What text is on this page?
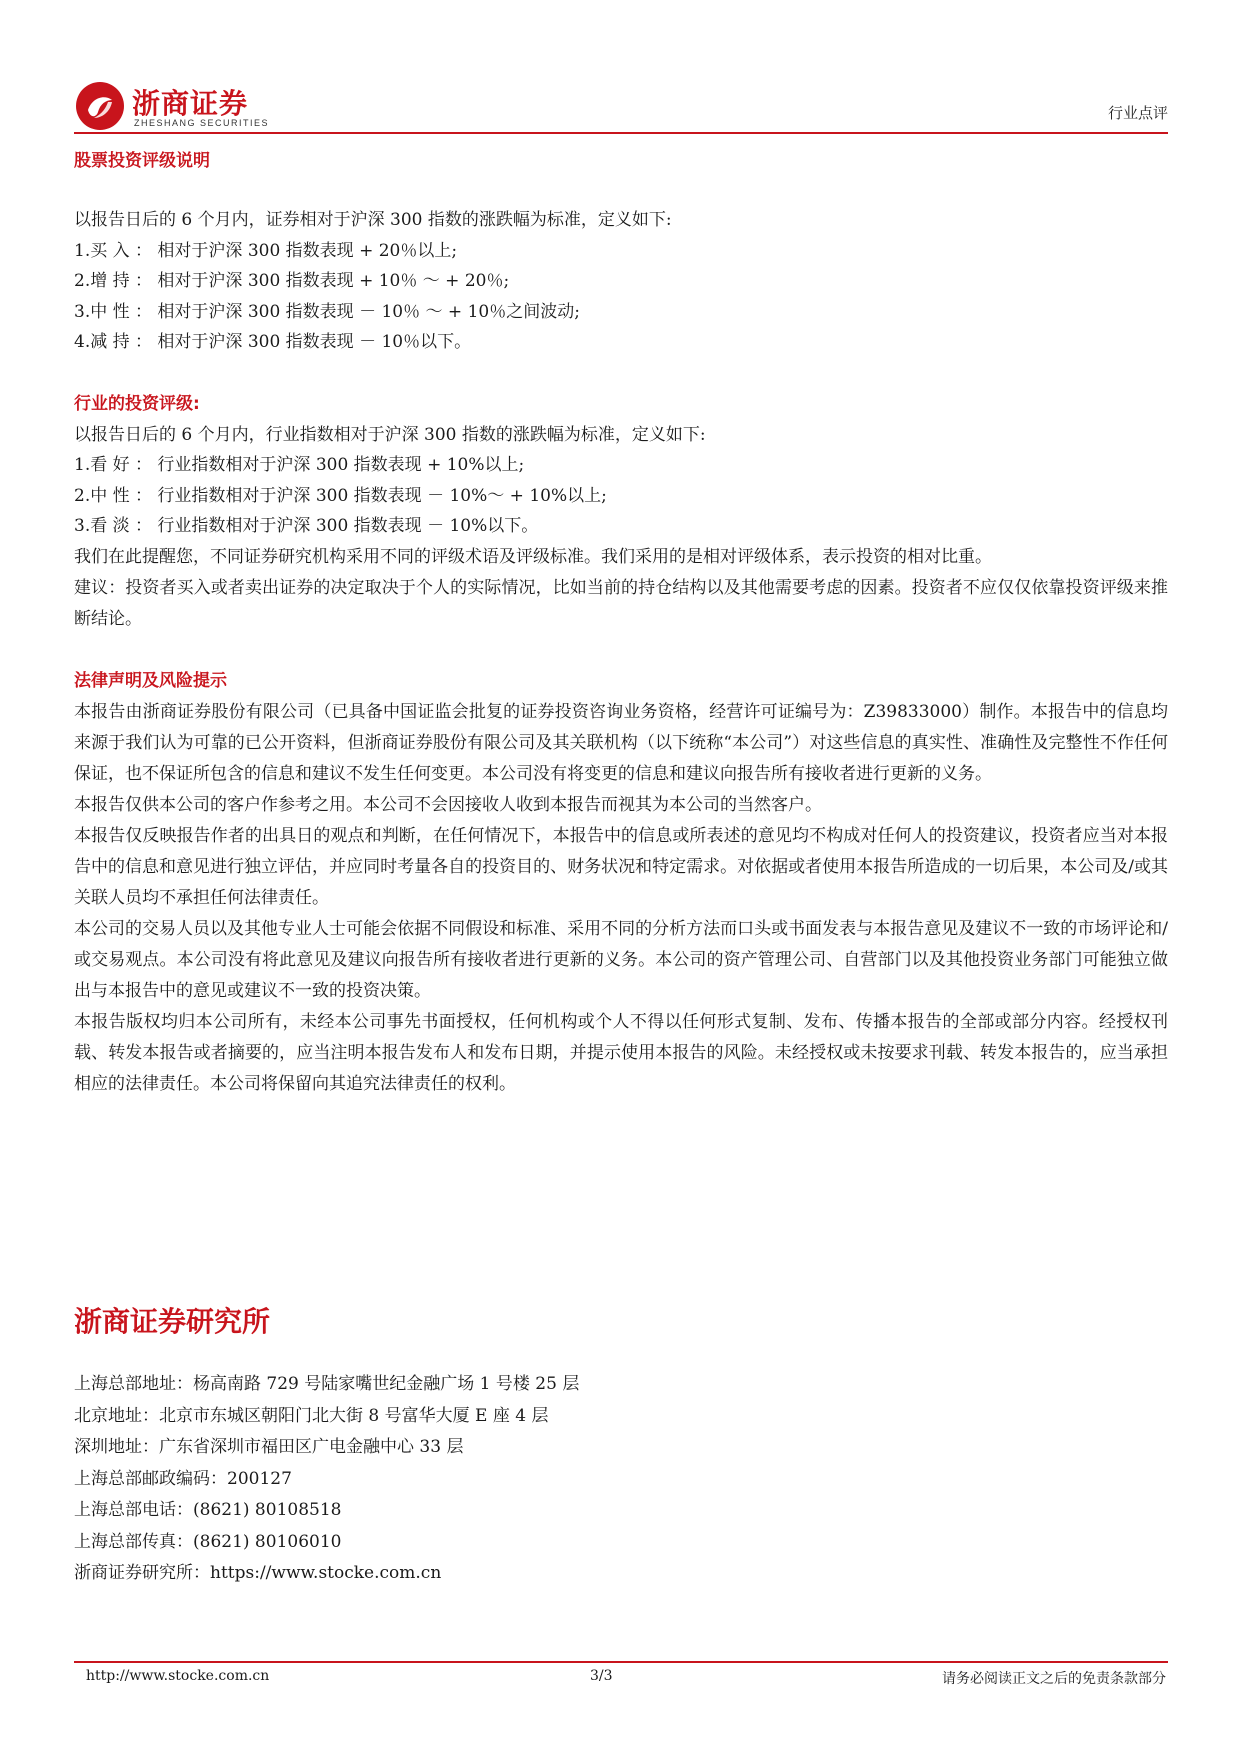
浙商证券
ZHESHANG SECURITIES
行业点评
股票投资评级说明
以报告日后的 6 个月内，证券相对于沪深 300 指数的涨跌幅为标准，定义如下:
1.买 入 ： 相对于沪深 300 指数表现 + 20％以上;
2.增 持 ： 相对于沪深 300 指数表现 + 10％ ～ + 20％;
3.中 性 ： 相对于沪深 300 指数表现 － 10％ ～ + 10％之间波动;
4.减 持 ： 相对于沪深 300 指数表现 － 10％以下。
行业的投资评级:
以报告日后的 6 个月内，行业指数相对于沪深 300 指数的涨跌幅为标准，定义如下:
1.看 好 ： 行业指数相对于沪深 300 指数表现 + 10%以上;
2.中 性 ： 行业指数相对于沪深 300 指数表现 － 10%～ + 10%以上;
3.看 淡 ： 行业指数相对于沪深 300 指数表现 － 10%以下。
我们在此提醒您，不同证券研究机构采用不同的评级术语及评级标准。我们采用的是相对评级体系，表示投资的相对比重。
建议：投资者买入或者卖出证券的决定取决于个人的实际情况，比如当前的持仓结构以及其他需要考虑的因素。投资者不应仅仅依靠投资评级来推断结论。
法律声明及风险提示
本报告由浙商证券股份有限公司（已具备中国证监会批复的证券投资咨询业务资格，经营许可证编号为：Z39833000）制作。本报告中的信息均来源于我们认为可靠的已公开资料，但浙商证券股份有限公司及其关联机构（以下统称“本公司”）对这些信息的真实性、准确性及完整性不作任何保证，也不保证所包含的信息和建议不发生任何变更。本公司没有将变更的信息和建议向报告所有接收者进行更新的义务。
本报告仅供本公司的客户作参考之用。本公司不会因接收人收到本报告而视其为本公司的当然客户。
本报告仅反映报告作者的出具日的观点和判断，在任何情况下，本报告中的信息或所表述的意见均不构成对任何人的投资建议，投资者应当对本报告中的信息和意见进行独立评估，并应同时考量各自的投资目的、财务状况和特定需求。对依据或者使用本报告所造成的一切后果，本公司及/或其关联人员均不承担任何法律责任。
本公司的交易人员以及其他专业人士可能会依据不同假设和标准、采用不同的分析方法而口头或书面发表与本报告意见及建议不一致的市场评论和/或交易观点。本公司没有将此意见及建议向报告所有接收者进行更新的义务。本公司的资产管理公司、自营部门以及其他投资业务部门可能独立做出与本报告中的意见或建议不一致的投资决策。
本报告版权均归本公司所有，未经本公司事先书面授权，任何机构或个人不得以任何形式复制、发布、传播本报告的全部或部分内容。经授权刊载、转发本报告或者摘要的，应当注明本报告发布人和发布日期，并提示使用本报告的风险。未经授权或未按要求刊载、转发本报告的，应当承担相应的法律责任。本公司将保留向其追究法律责任的权利。
浙商证券研究所
上海总部地址：杨高南路 729 号陆家嘴世纪金融广场 1 号楼 25 层
北京地址：北京市东城区朝阳门北大街 8 号富华大厦 E 座 4 层
深圳地址：广东省深圳市福田区广电金融中心 33 层
上海总部邮政编码：200127
上海总部电话：(8621) 80108518
上海总部传真：(8621) 80106010
浙商证券研究所：https://www.stocke.com.cn
http://www.stocke.com.cn	3/3	请务必阅读正文之后的免责条款部分
